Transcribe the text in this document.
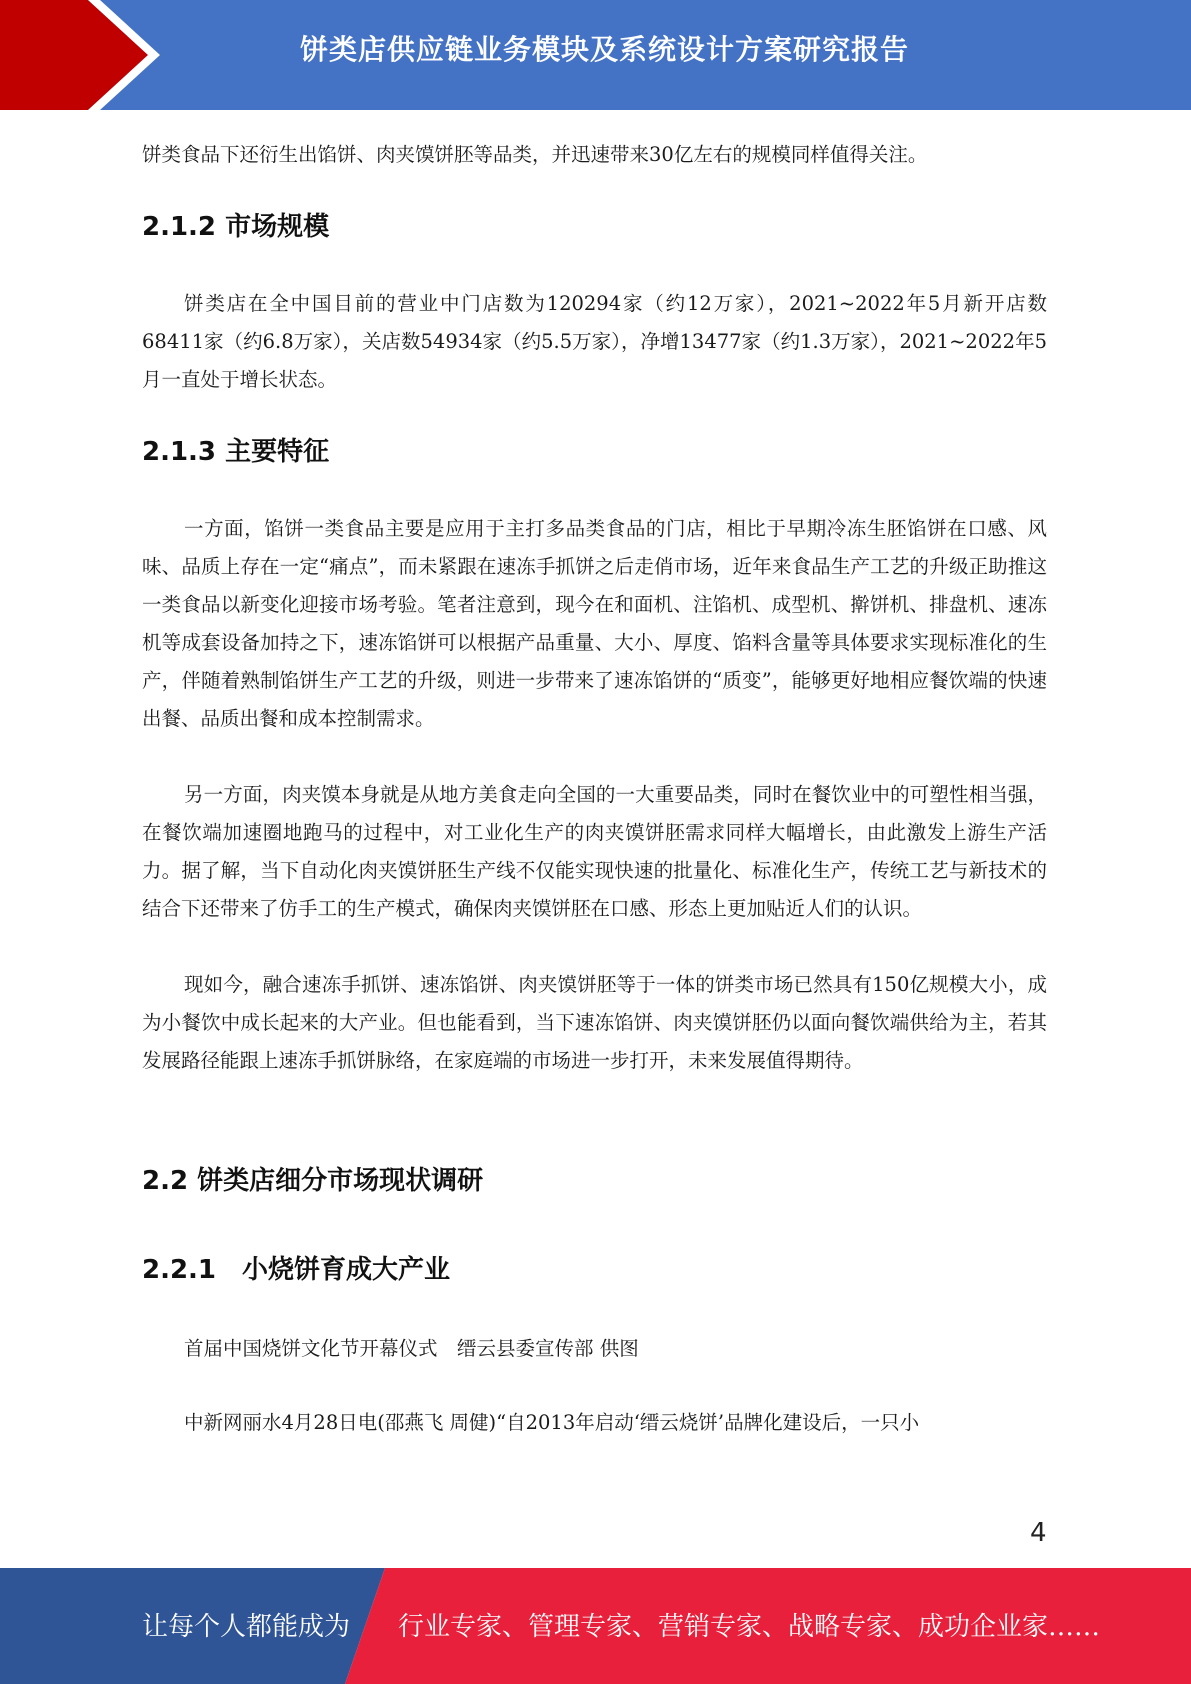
饼类店供应链业务模块及系统设计方案研究报告

饼类食品下还衍生出馅饼、肉夹馍饼胚等品类，并迅速带来30亿左右的规模同样值得关注。

2.1.2 市场规模

饼类店在全中国目前的营业中门店数为120294家（约12万家），2021~2022年5月新开店数68411家（约6.8万家），关店数54934家（约5.5万家），净增13477家（约1.3万家），2021~2022年5月一直处于增长状态。

2.1.3 主要特征

一方面，馅饼一类食品主要是应用于主打多品类食品的门店，相比于早期冷冻生胚馅饼在口感、风味、品质上存在一定“痛点”，而未紧跟在速冻手抓饼之后走俏市场，近年来食品生产工艺的升级正助推这一类食品以新变化迎接市场考验。笔者注意到，现今在和面机、注馅机、成型机、擀饼机、排盘机、速冻机等成套设备加持之下，速冻馅饼可以根据产品重量、大小、厚度、馅料含量等具体要求实现标准化的生产，伴随着熟制馅饼生产工艺的升级，则进一步带来了速冻馅饼的“质变”，能够更好地相应餐饮端的快速出餐、品质出餐和成本控制需求。

另一方面，肉夹馍本身就是从地方美食走向全国的一大重要品类，同时在餐饮业中的可塑性相当强，在餐饮端加速圈地跑马的过程中，对工业化生产的肉夹馍饼胚需求同样大幅增长，由此激发上游生产活力。据了解，当下自动化肉夹馍饼胚生产线不仅能实现快速的批量化、标准化生产，传统工艺与新技术的结合下还带来了仿手工的生产模式，确保肉夹馍饼胚在口感、形态上更加贴近人们的认识。

现如今，融合速冻手抓饼、速冻馅饼、肉夹馍饼胚等于一体的饼类市场已然具有150亿规模大小，成为小餐饮中成长起来的大产业。但也能看到，当下速冻馅饼、肉夹馍饼胚仍以面向餐饮端供给为主，若其发展路径能跟上速冻手抓饼脉络，在家庭端的市场进一步打开，未来发展值得期待。

2.2 饼类店细分市场现状调研
2.2.1　小烧饼育成大产业

首届中国烧饼文化节开幕仪式　缙云县委宣传部 供图

中新网丽水4月28日电(邵燕飞 周健)“自2013年启动‘缙云烧饼’品牌化建设后，一只小

4
让每个人都能成为 行业专家、管理专家、营销专家、战略专家、成功企业家……
